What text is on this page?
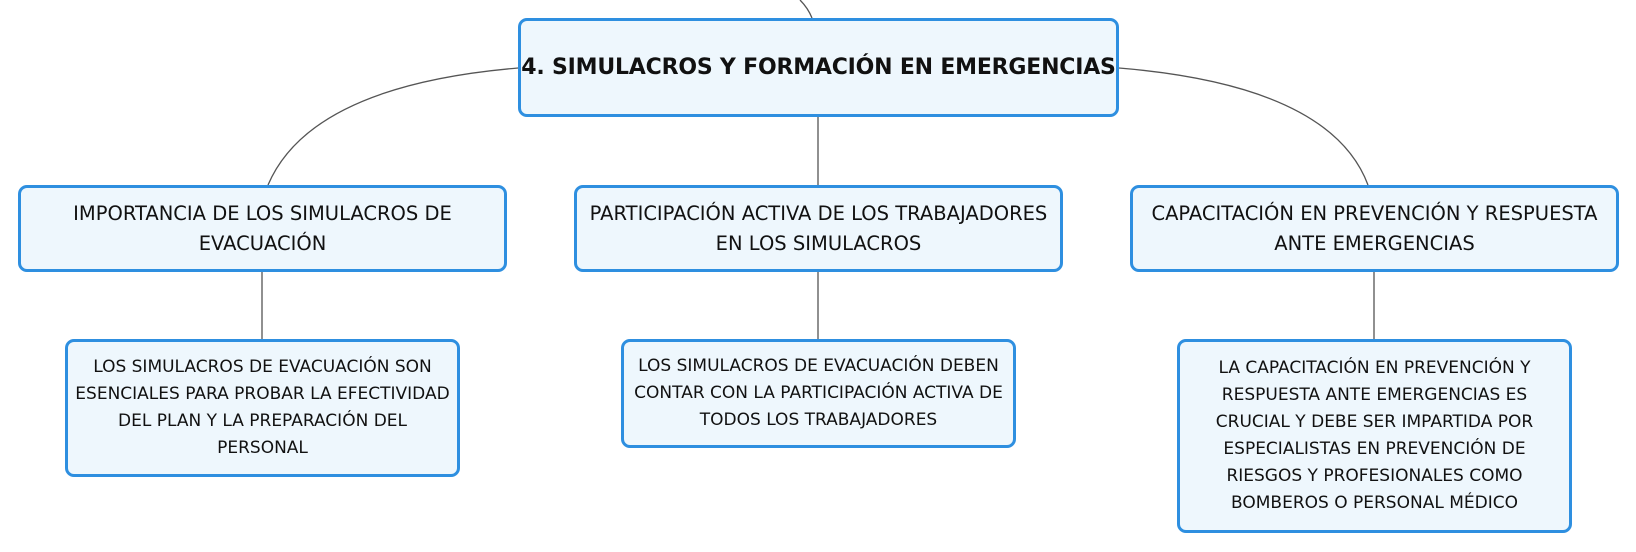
4. SIMULACROS Y FORMACIÓN EN EMERGENCIAS
IMPORTANCIA DE LOS SIMULACROS DE EVACUACIÓN
PARTICIPACIÓN ACTIVA DE LOS TRABAJADORES EN LOS SIMULACROS
CAPACITACIÓN EN PREVENCIÓN Y RESPUESTA ANTE EMERGENCIAS
LOS SIMULACROS DE EVACUACIÓN SON ESENCIALES PARA PROBAR LA EFECTIVIDAD DEL PLAN Y LA PREPARACIÓN DEL PERSONAL
LOS SIMULACROS DE EVACUACIÓN DEBEN CONTAR CON LA PARTICIPACIÓN ACTIVA DE TODOS LOS TRABAJADORES
LA CAPACITACIÓN EN PREVENCIÓN Y RESPUESTA ANTE EMERGENCIAS ES CRUCIAL Y DEBE SER IMPARTIDA POR ESPECIALISTAS EN PREVENCIÓN DE RIESGOS Y PROFESIONALES COMO BOMBEROS O PERSONAL MÉDICO
